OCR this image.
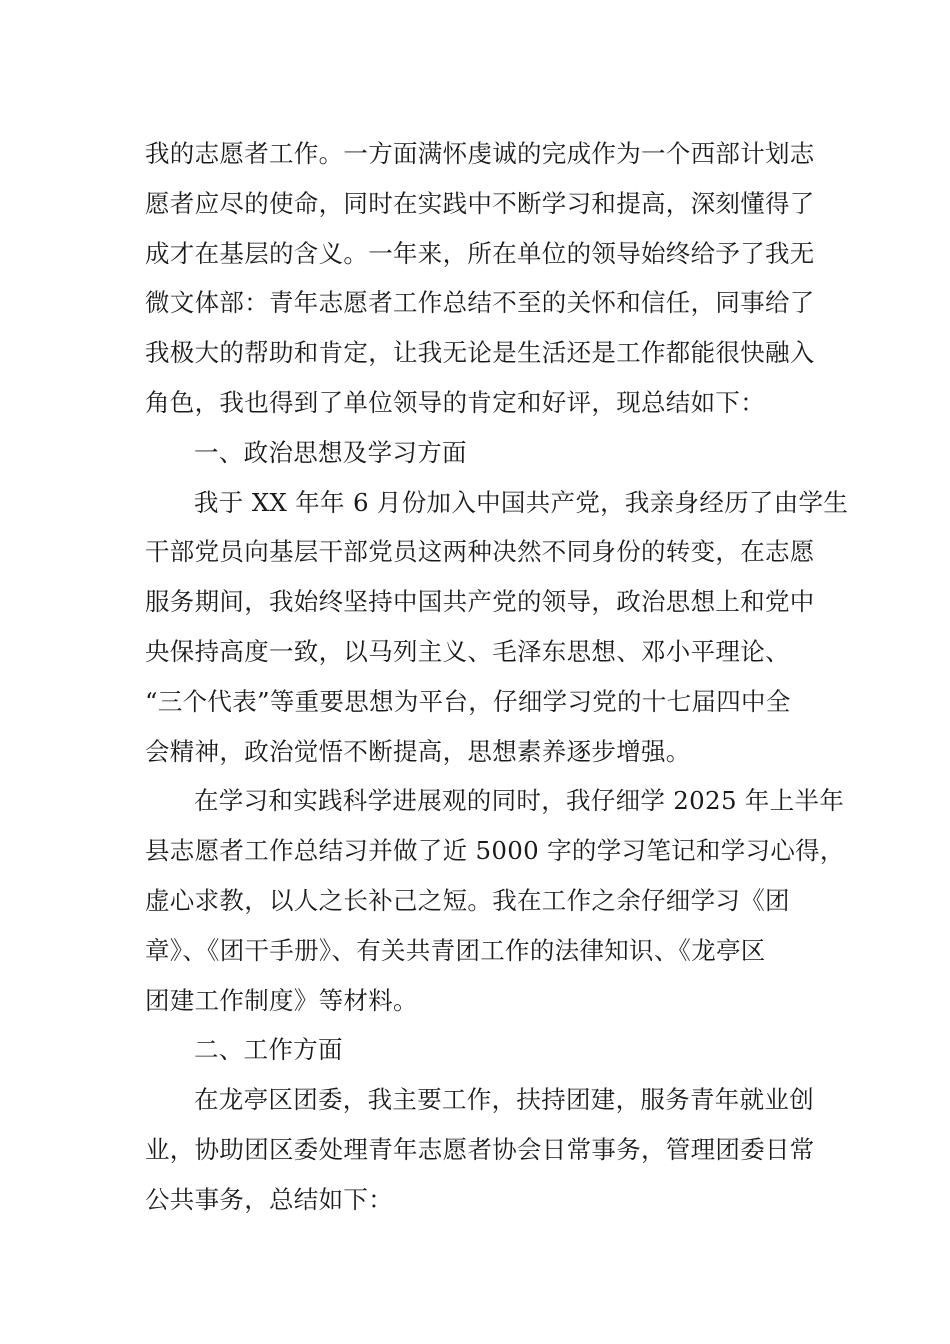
我的志愿者工作。一方面满怀虔诚的完成作为一个西部计划志
愿者应尽的使命，同时在实践中不断学习和提高，深刻懂得了
成才在基层的含义。一年来，所在单位的领导始终给予了我无
微文体部：青年志愿者工作总结不至的关怀和信任，同事给了
我极大的帮助和肯定，让我无论是生活还是工作都能很快融入
角色，我也得到了单位领导的肯定和好评，现总结如下：
一、政治思想及学习方面
我于 XX 年年 6 月份加入中国共产党，我亲身经历了由学生
干部党员向基层干部党员这两种决然不同身份的转变，在志愿
服务期间，我始终坚持中国共产党的领导，政治思想上和党中
央保持高度一致，以马列主义、毛泽东思想、邓小平理论、
“三个代表”等重要思想为平台，仔细学习党的十七届四中全
会精神，政治觉悟不断提高，思想素养逐步增强。
在学习和实践科学进展观的同时，我仔细学 2025 年上半年
县志愿者工作总结习并做了近 5000 字的学习笔记和学习心得，
虚心求教，以人之长补己之短。我在工作之余仔细学习《团
章》、《团干手册》、有关共青团工作的法律知识、《龙亭区
团建工作制度》等材料。
二、工作方面
在龙亭区团委，我主要工作，扶持团建，服务青年就业创
业，协助团区委处理青年志愿者协会日常事务，管理团委日常
公共事务，总结如下：
